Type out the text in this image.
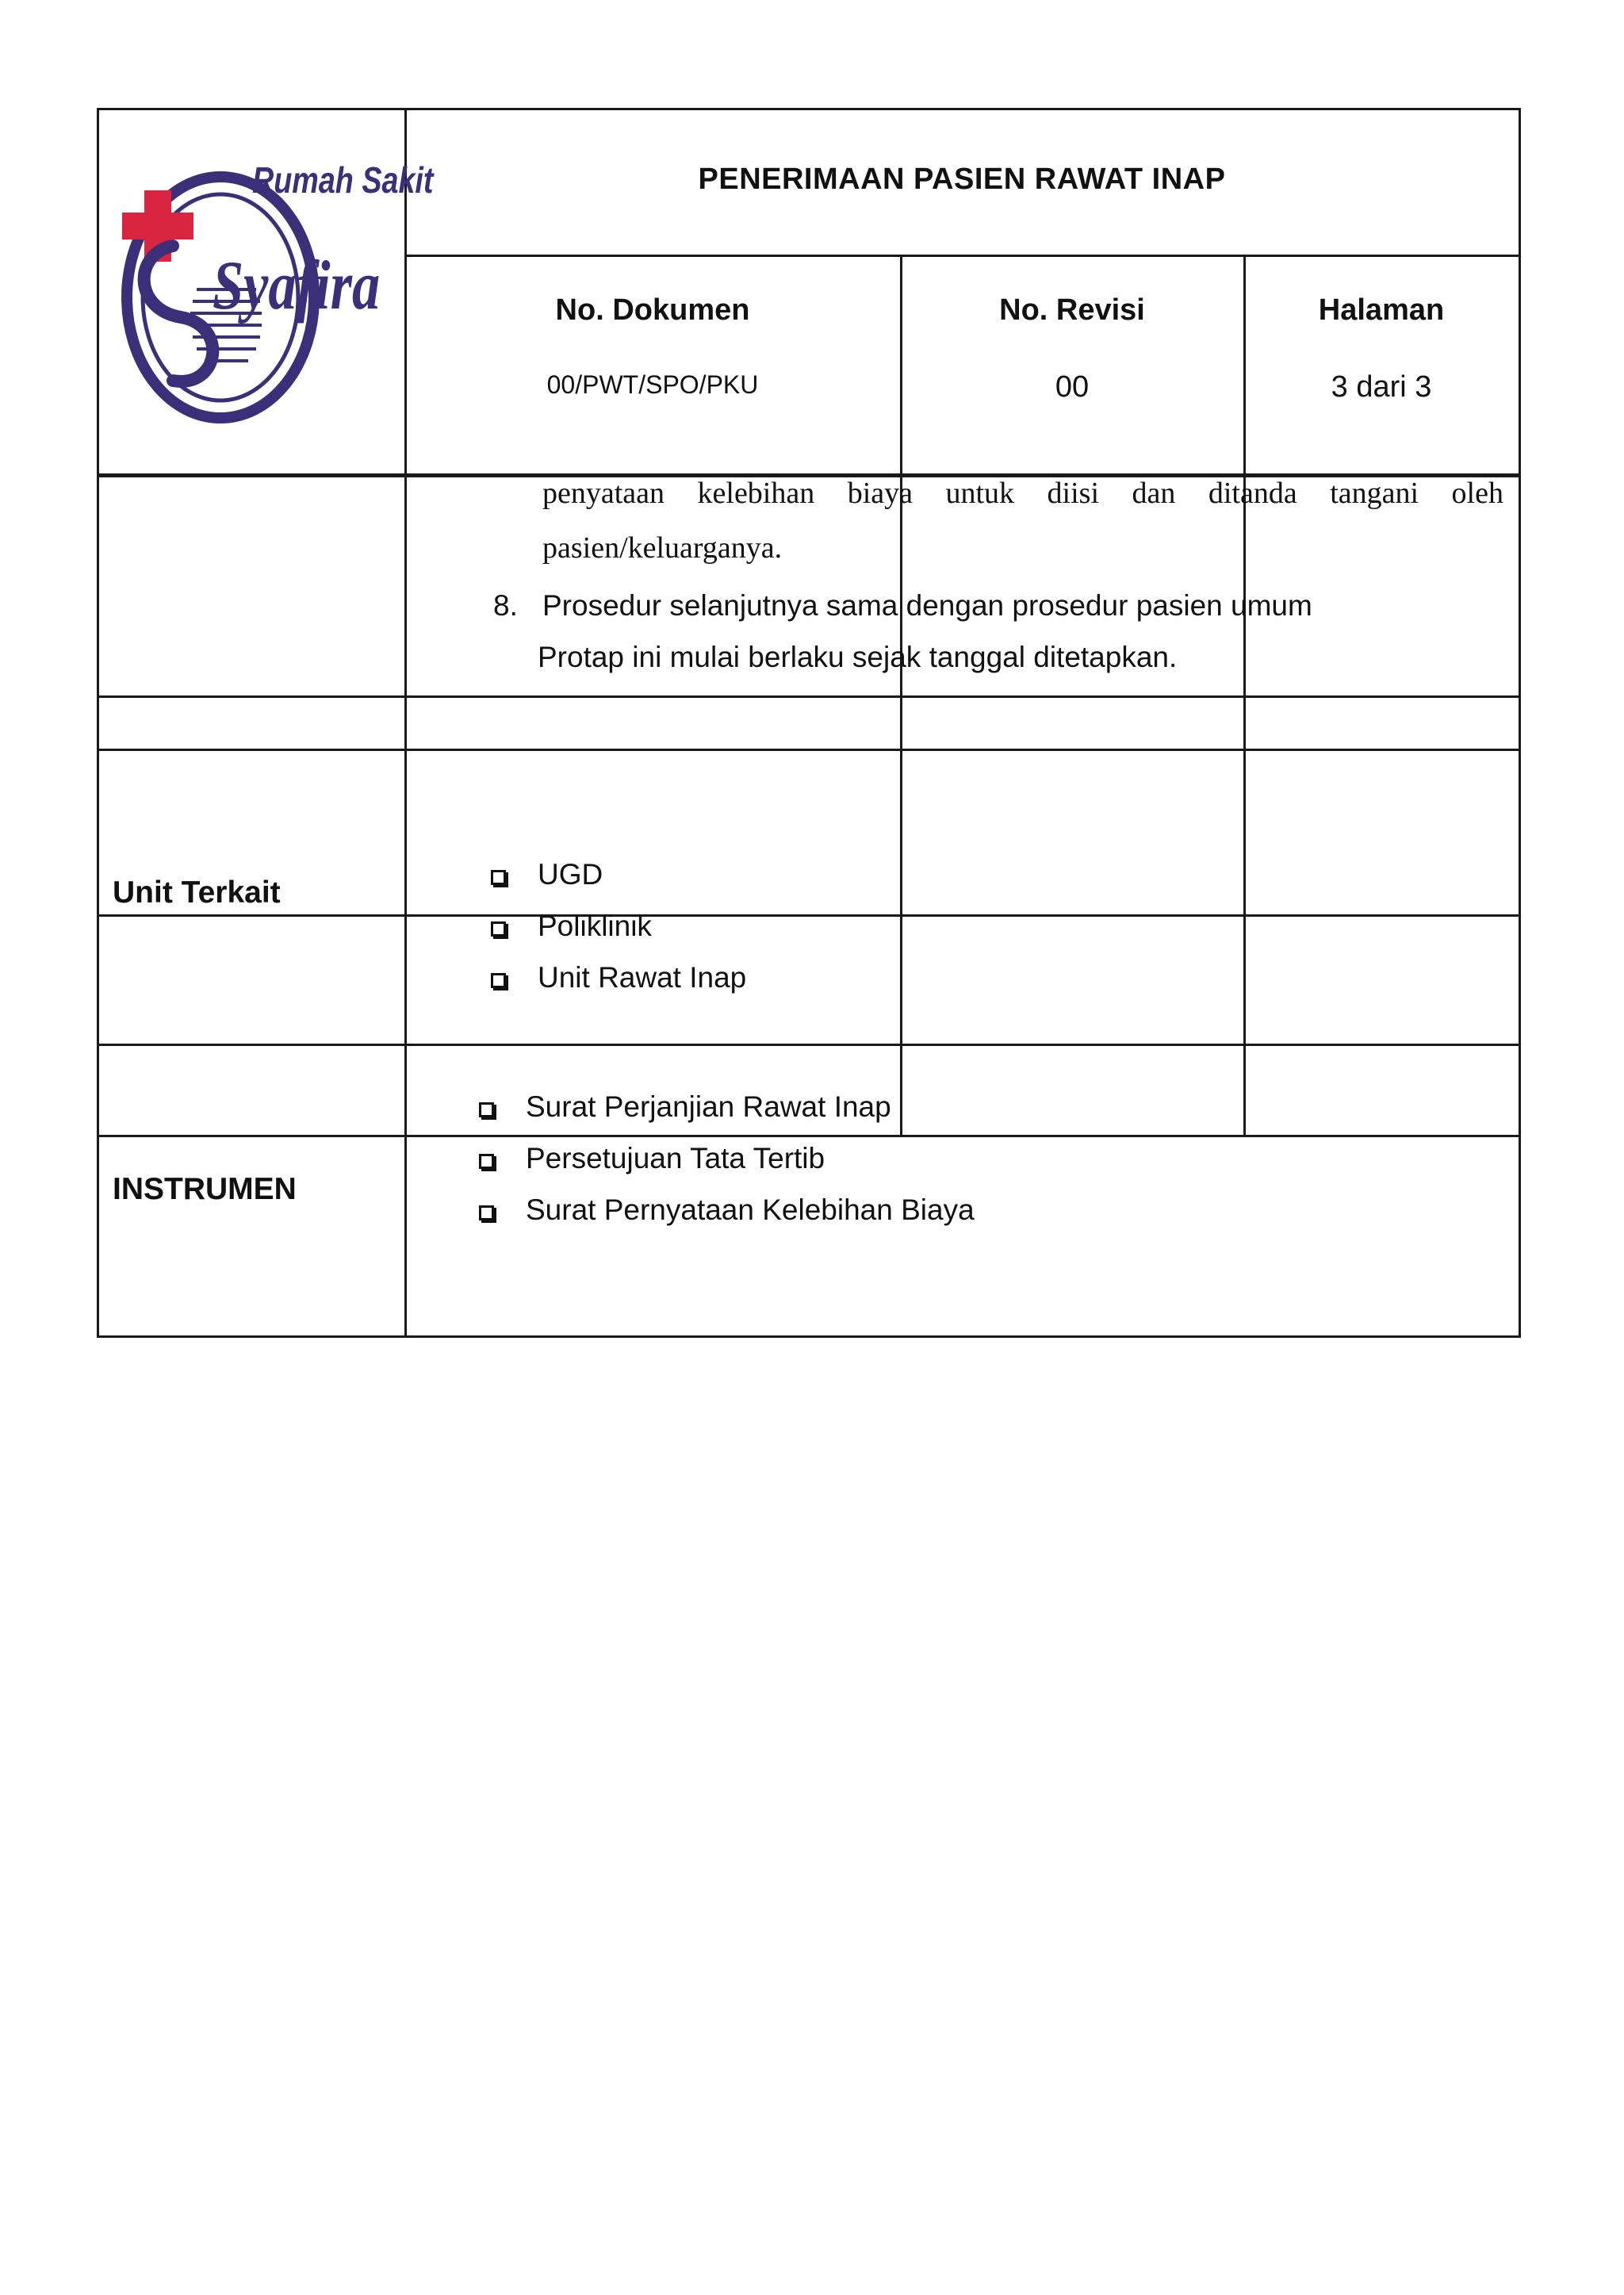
Rumah Sakit
Syafira
PENERIMAAN PASIEN RAWAT INAP
No. Dokumen
00/PWT/SPO/PKU
No. Revisi
00
Halaman
3 dari 3
penyataan kelebihan biaya untuk diisi dan ditanda tangani oleh
pasien/keluarganya.
8. Prosedur selanjutnya sama dengan prosedur pasien umum
Protap ini mulai berlaku sejak tanggal ditetapkan.
Unit Terkait
UGD
Poliklinik
Unit Rawat Inap
INSTRUMEN
Surat Perjanjian Rawat Inap
Persetujuan Tata Tertib
Surat Pernyataan Kelebihan Biaya
